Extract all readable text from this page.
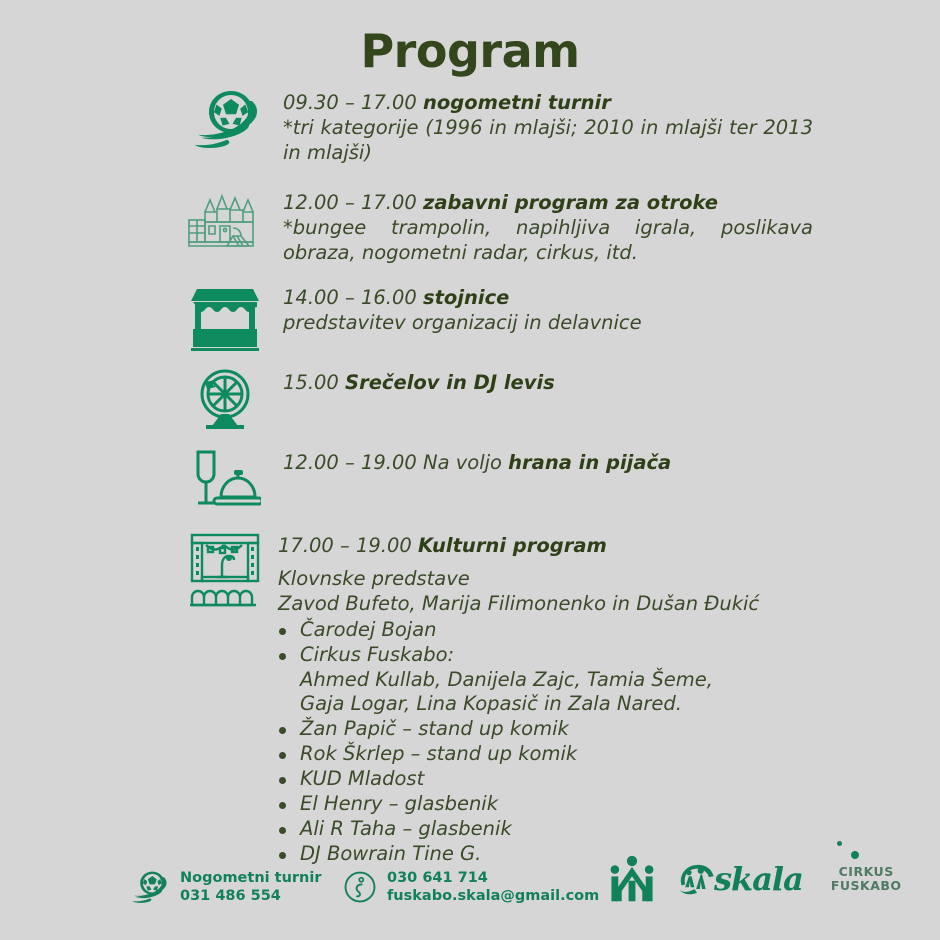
Program
09.30 – 17.00 nogometni turnir
*tri kategorije (1996 in mlajši; 2010 in mlajši ter 2013 in mlajši)
12.00 – 17.00 zabavni program za otroke
*bungee trampolin, napihljiva igrala, poslikava obraza, nogometni radar, cirkus, itd.
14.00 – 16.00 stojnice
predstavitev organizacij in delavnice
15.00 Srečelov in DJ levis
12.00 – 19.00 Na voljo hrana in pijača
17.00 – 19.00 Kulturni program
Klovnske predstave
Zavod Bufeto, Marija Filimonenko in Dušan Đukić
Čarodej Bojan
Cirkus Fuskabo:
Ahmed Kullab, Danijela Zajc, Tamia Šeme,
Gaja Logar, Lina Kopasič in Zala Nared.
Žan Papič – stand up komik
Rok Škrlep – stand up komik
KUD Mladost
El Henry – glasbenik
Ali R Taha – glasbenik
DJ Bowrain Tine G.
Nogometni turnir
031 486 554
030 641 714
fuskabo.skala@gmail.com	skala	CIRKUS
FUSKABO
